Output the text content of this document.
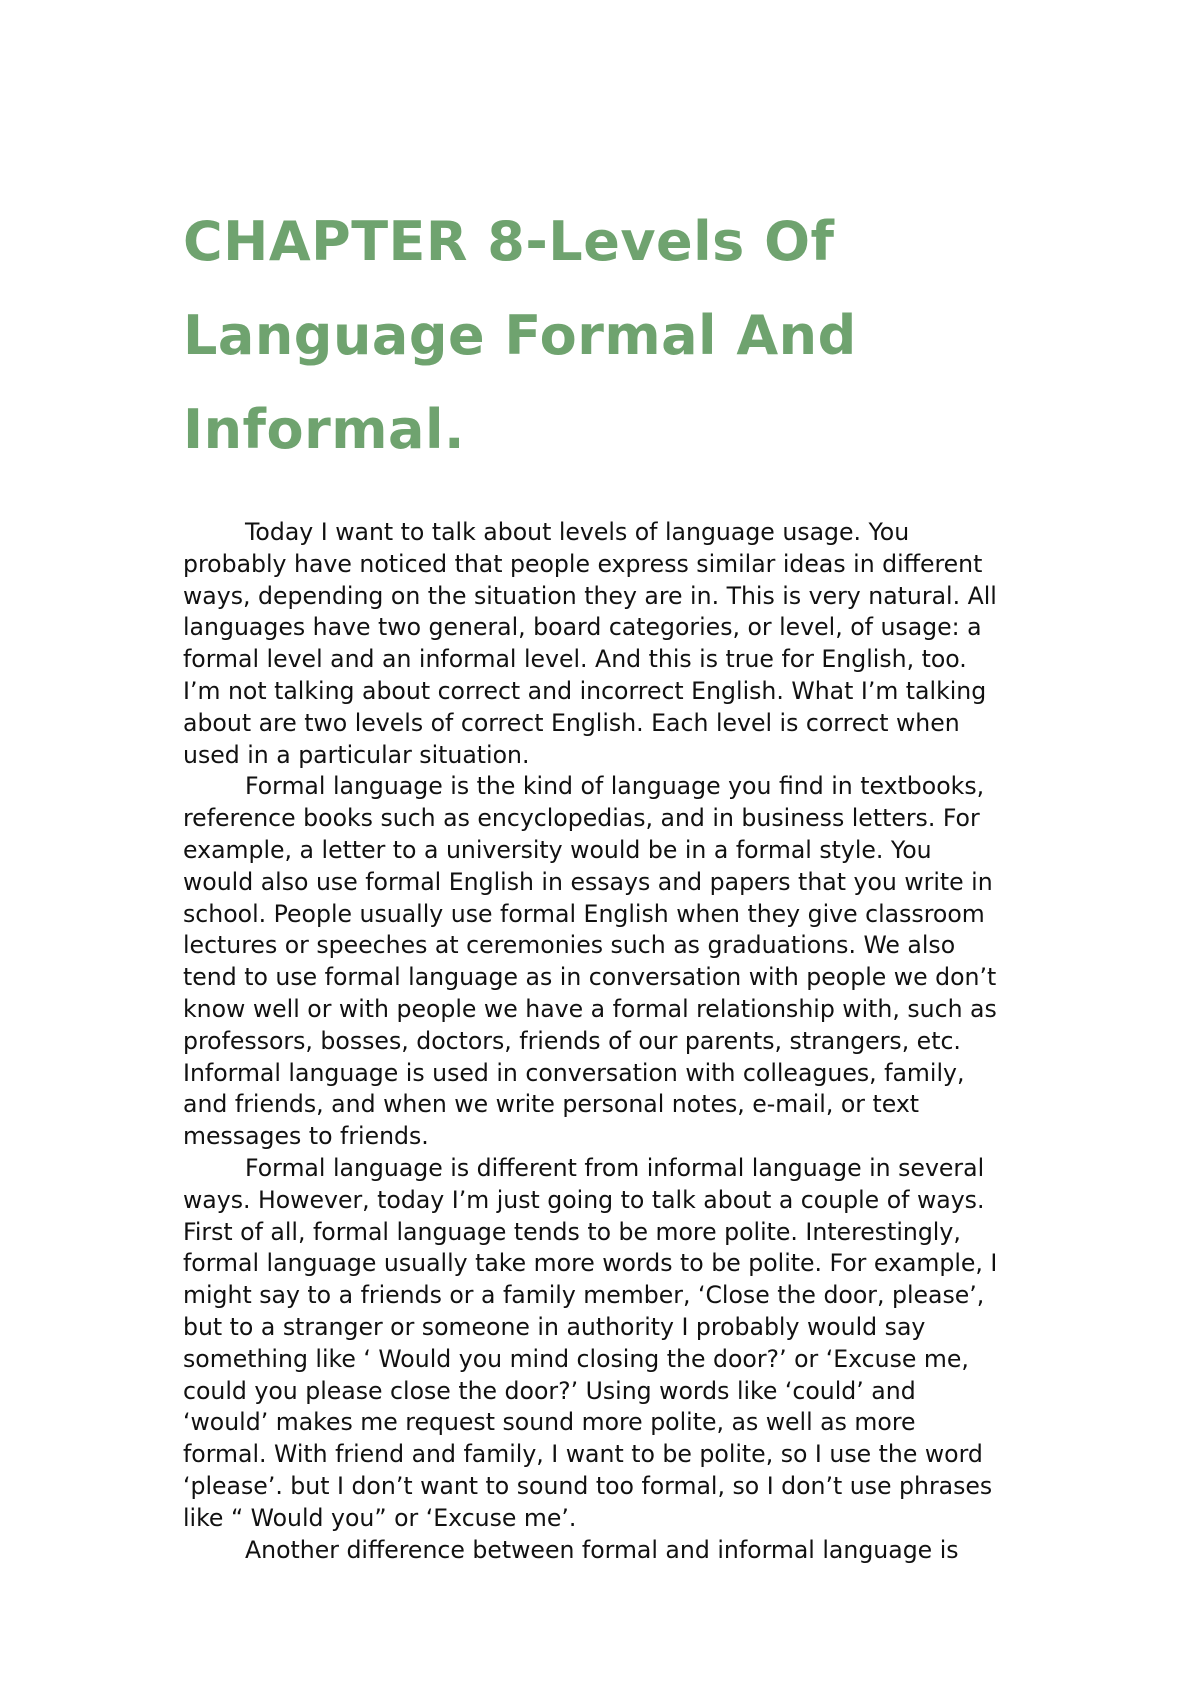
CHAPTER 8-Levels Of
Language Formal And
Informal.
Today I want to talk about levels of language usage. You
probably have noticed that people express similar ideas in different
ways, depending on the situation they are in. This is very natural. All
languages have two general, board categories, or level, of usage: a
formal level and an informal level. And this is true for English, too.
I’m not talking about correct and incorrect English. What I’m talking
about are two levels of correct English. Each level is correct when
used in a particular situation.
Formal language is the kind of language you find in textbooks,
reference books such as encyclopedias, and in business letters. For
example, a letter to a university would be in a formal style. You
would also use formal English in essays and papers that you write in
school. People usually use formal English when they give classroom
lectures or speeches at ceremonies such as graduations. We also
tend to use formal language as in conversation with people we don’t
know well or with people we have a formal relationship with, such as
professors, bosses, doctors, friends of our parents, strangers, etc.
Informal language is used in conversation with colleagues, family,
and friends, and when we write personal notes, e-mail, or text
messages to friends.
Formal language is different from informal language in several
ways. However, today I’m just going to talk about a couple of ways.
First of all, formal language tends to be more polite. Interestingly,
formal language usually take more words to be polite. For example, I
might say to a friends or a family member, ‘Close the door, please’,
but to a stranger or someone in authority I probably would say
something like ‘ Would you mind closing the door?’ or ‘Excuse me,
could you please close the door?’ Using words like ‘could’ and
‘would’ makes me request sound more polite, as well as more
formal. With friend and family, I want to be polite, so I use the word
‘please’. but I don’t want to sound too formal, so I don’t use phrases
like “ Would you” or ‘Excuse me’.
Another difference between formal and informal language is
